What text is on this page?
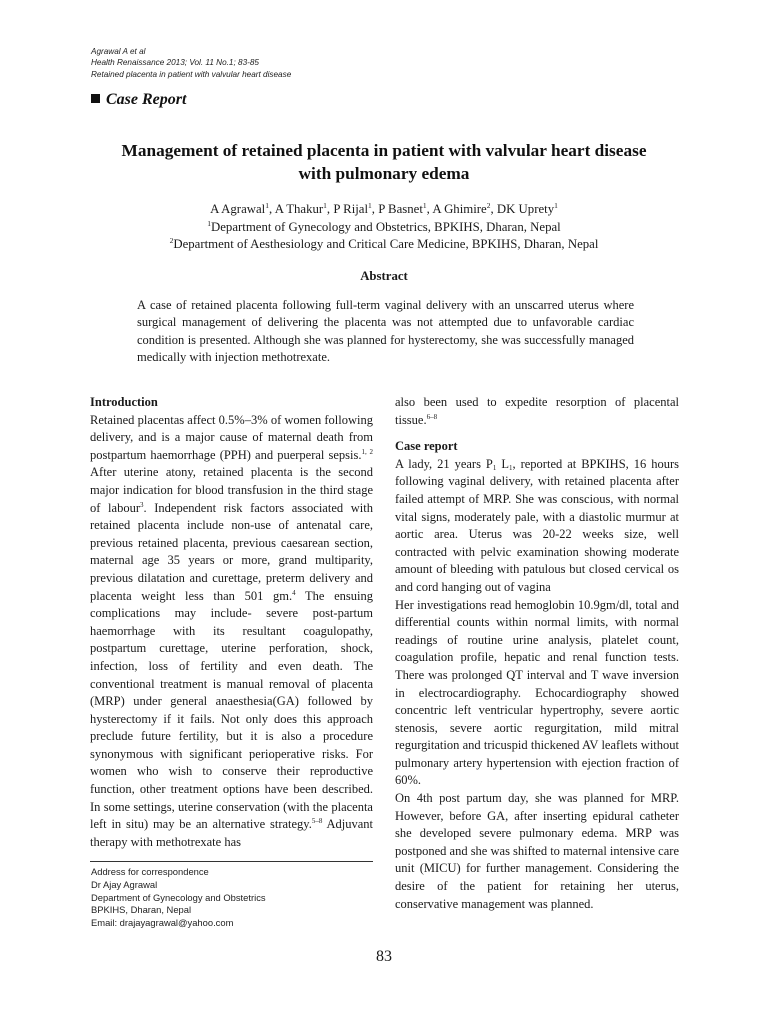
Agrawal A et al
Health Renaissance 2013; Vol. 11 No.1; 83-85
Retained placenta in patient with valvular heart disease
Case Report
Management of retained placenta in patient with valvular heart disease
with pulmonary edema
A Agrawal$^1$, A Thakur$^1$, P Rijal$^1$, P Basnet$^1$, A Ghimire$^2$, DK Uprety$^1$
$^1$Department of Gynecology and Obstetrics, BPKIHS, Dharan, Nepal
$^2$Department of Aesthesiology and Critical Care Medicine, BPKIHS, Dharan, Nepal
Abstract
A case of retained placenta following full-term vaginal delivery with an unscarred uterus where surgical management of delivering the placenta was not attempted due to unfavorable cardiac condition is presented. Although she was planned for hysterectomy, she was successfully managed medically with injection methotrexate.
Introduction

Retained placentas affect 0.5%–3% of women following delivery, and is a major cause of maternal death from postpartum haemorrhage (PPH) and puerperal sepsis.$^{1, 2}$ After uterine atony, retained placenta is the second major indication for blood transfusion in the third stage of labour$^3$. Independent risk factors associated with retained placenta include non-use of antenatal care, previous retained placenta, previous caesarean section, maternal age 35 years or more, grand multiparity, previous dilatation and curettage, preterm delivery and placenta weight less than 501 gm.$^4$ The ensuing complications may include- severe post-partum haemorrhage with its resultant coagulopathy, postpartum curettage, uterine perforation, shock, infection, loss of fertility and even death. The conventional treatment is manual removal of placenta (MRP) under general anaesthesia(GA) followed by hysterectomy if it fails. Not only does this approach preclude future fertility, but it is also a procedure synonymous with significant perioperative risks. For women who wish to conserve their reproductive function, other treatment options have been described. In some settings, uterine conservation (with the placenta left in situ) may be an alternative strategy.$^{5-8}$ Adjuvant therapy with methotrexate has

also been used to expedite resorption of placental tissue.$^{6-8}$

Case report

A lady, 21 years $P_1$ $L_1$, reported at BPKIHS, 16 hours following vaginal delivery, with retained placenta after failed attempt of MRP. She was conscious, with normal vital signs, moderately pale, with a diastolic murmur at aortic area. Uterus was 20-22 weeks size, well contracted with pelvic examination showing moderate amount of bleeding with patulous but closed cervical os and cord hanging out of vagina

Her investigations read hemoglobin 10.9gm/dl, total and differential counts within normal limits, with normal readings of routine urine analysis, platelet count, coagulation profile, hepatic and renal function tests. There was prolonged QT interval and T wave inversion in electrocardiography. Echocardiography showed concentric left ventricular hypertrophy, severe aortic stenosis, severe aortic regurgitation, mild mitral regurgitation and tricuspid thickened AV leaflets without pulmonary artery hypertension with ejection fraction of 60%.

On 4th post partum day, she was planned for MRP. However, before GA, after inserting epidural catheter she developed severe pulmonary edema. MRP was postponed and she was shifted to maternal intensive care unit (MICU) for further management. Considering the desire of the patient for retaining her uterus, conservative management was planned.

Address for correspondence
Dr Ajay Agrawal
Department of Gynecology and Obstetrics
BPKIHS, Dharan, Nepal
Email: drajayagrawal@yahoo.com
83
